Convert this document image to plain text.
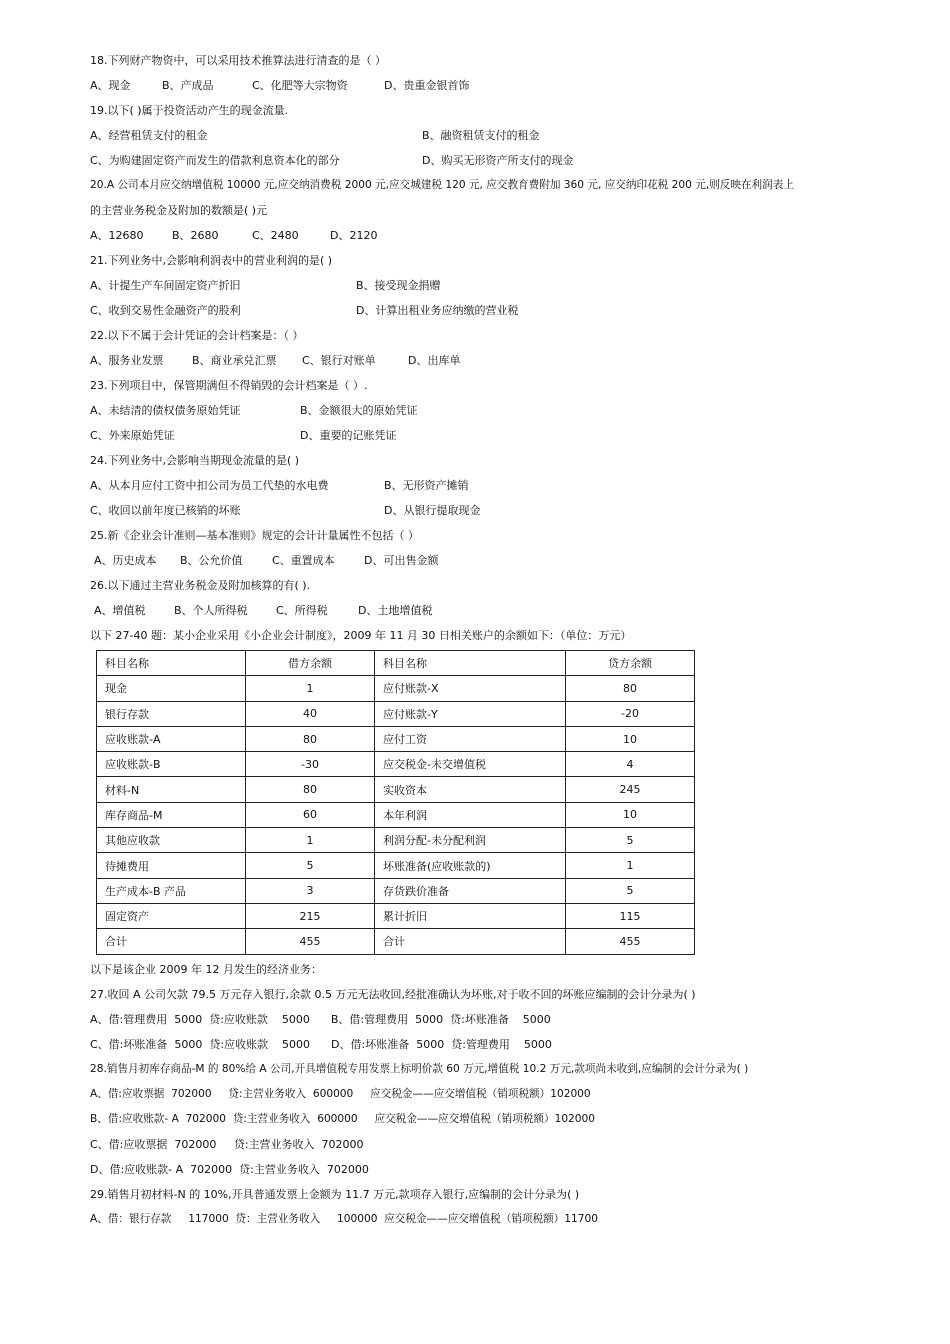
18.下列财产物资中，可以采用技术推算法进行清查的是（ ）
A、现金	B、产成品	C、化肥等大宗物资	D、贵重金银首饰
19.以下( )属于投资活动产生的现金流量.
A、经营租赁支付的租金	B、融资租赁支付的租金
C、为购建固定资产而发生的借款利息资本化的部分	D、购买无形资产所支付的现金
20.A 公司本月应交纳增值税 10000 元,应交纳消费税 2000 元,应交城建税 120 元, 应交教育费附加 360 元, 应交纳印花税 200 元,则反映在利润表上
的主营业务税金及附加的数额是( )元
A、12680	B、2680	C、2480	D、2120
21.下列业务中,会影响利润表中的营业利润的是( )
A、计提生产车间固定资产折旧	B、接受现金捐赠
C、收到交易性金融资产的股利	D、计算出租业务应纳缴的营业税
22.以下不属于会计凭证的会计档案是：（ ）
A、服务业发票	B、商业承兑汇票 C、银行对账单	D、出库单
23.下列项目中，保管期满但不得销毁的会计档案是（ ）.
A、未结清的债权债务原始凭证	B、金额很大的原始凭证
C、外来原始凭证	D、重要的记账凭证
24.下列业务中,会影响当期现金流量的是( )
A、从本月应付工资中扣公司为员工代垫的水电费	B、无形资产摊销
C、收回以前年度已核销的坏账	D、从银行提取现金
25.新《企业会计准则—基本准则》规定的会计计量属性不包括（ ）
A、历史成本 B、公允价值	C、重置成本	D、可出售金额
26.以下通过主营业务税金及附加核算的有( ).
A、增值税	B、个人所得税	C、所得税	D、土地增值税
以下 27-40 题：某小企业采用《小企业会计制度》，2009 年 11 月 30 日相关账户的余额如下：（单位：万元）
科目名称	借方余额	科目名称	贷方余额
现金	1	应付账款-X	80
银行存款	40	应付账款-Y	-20
应收账款-A	80	应付工资	10
应收账款-B	-30	应交税金-未交增值税	4
材料-N	80	实收资本	245
库存商品-M	60	本年利润	10
其他应收款	1	利润分配-未分配利润	5
待摊费用	5	坏账准备(应收账款的)	1
生产成本-B 产品	3	存货跌价准备	5
固定资产	215	累计折旧	115
合计	455	合计	455
以下是该企业 2009 年 12 月发生的经济业务：
27.收回 A 公司欠款 79.5 万元存入银行,余款 0.5 万元无法收回,经批准确认为坏账,对于收不回的坏账应编制的会计分录为( )
A、借:管理费用  5000  贷:应收账款    5000      B、借:管理费用  5000  贷:坏账准备    5000
C、借:坏账准备  5000  贷:应收账款    5000      D、借:坏账准备  5000  贷:管理费用    5000
28.销售月初库存商品-M 的 80%给 A 公司,开具增值税专用发票上标明价款 60 万元,增值税 10.2 万元,款项尚未收到,应编制的会计分录为( )
A、借:应收票据  702000     贷:主营业务收入  600000     应交税金——应交增值税（销项税额）102000
B、借:应收账款- A  702000  贷:主营业务收入  600000     应交税金——应交增值税（销项税额）102000
C、借:应收票据  702000     贷:主营业务收入  702000
D、借:应收账款- A  702000  贷:主营业务收入  702000
29.销售月初材料-N 的 10%,开具普通发票上金额为 11.7 万元,款项存入银行,应编制的会计分录为( )
A、借：银行存款     117000  贷：主营业务收入     100000  应交税金——应交增值税（销项税额）11700
